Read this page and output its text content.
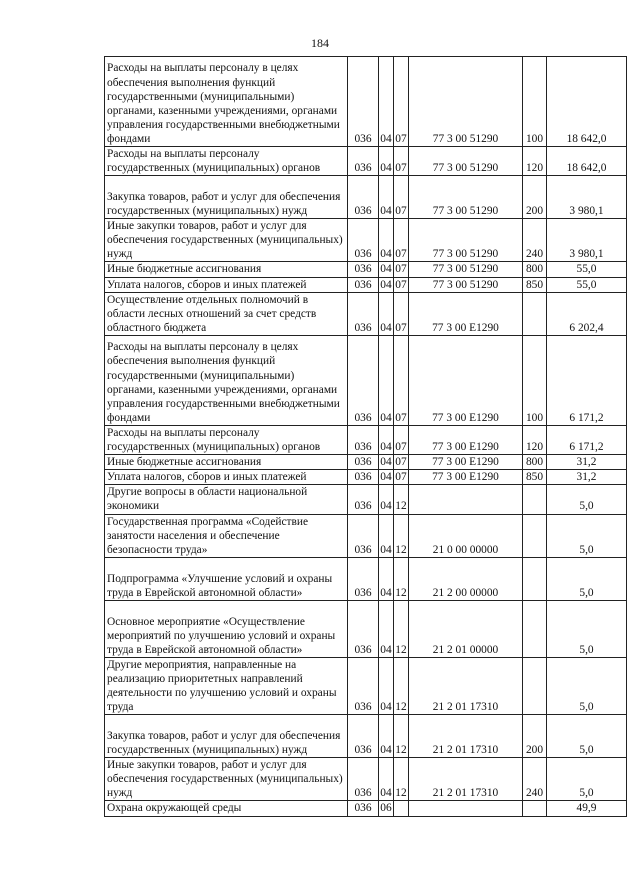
184
Расходы на выплаты персоналу в целях обеспечения выполнения функций государственными (муниципальными) органами, казенными учреждениями, органами управления государственными внебюджетными фондами	036	04	07	77 3 00 51290	100	18 642,0
Расходы на выплаты персоналу государственных (муниципальных) органов	036	04	07	77 3 00 51290	120	18 642,0
Закупка товаров, работ и услуг для обеспечения государственных (муниципальных) нужд	036	04	07	77 3 00 51290	200	3 980,1
Иные закупки товаров, работ и услуг для обеспечения государственных (муниципальных) нужд	036	04	07	77 3 00 51290	240	3 980,1
Иные бюджетные ассигнования	036	04	07	77 3 00 51290	800	55,0
Уплата налогов, сборов и иных платежей	036	04	07	77 3 00 51290	850	55,0
Осуществление отдельных полномочий в области лесных отношений за счет средств областного бюджета	036	04	07	77 3 00 E1290		6 202,4
Расходы на выплаты персоналу в целях обеспечения выполнения функций государственными (муниципальными) органами, казенными учреждениями, органами управления государственными внебюджетными фондами	036	04	07	77 3 00 E1290	100	6 171,2
Расходы на выплаты персоналу государственных (муниципальных) органов	036	04	07	77 3 00 E1290	120	6 171,2
Иные бюджетные ассигнования	036	04	07	77 3 00 E1290	800	31,2
Уплата налогов, сборов и иных платежей	036	04	07	77 3 00 E1290	850	31,2
Другие вопросы в области национальной экономики	036	04	12			5,0
Государственная программа «Содействие занятости населения и обеспечение безопасности труда»	036	04	12	21 0 00 00000		5,0
Подпрограмма «Улучшение условий и охраны труда в Еврейской автономной области»	036	04	12	21 2 00 00000		5,0
Основное мероприятие «Осуществление мероприятий по улучшению условий и охраны труда в Еврейской автономной области»	036	04	12	21 2 01 00000		5,0
Другие мероприятия, направленные на реализацию приоритетных направлений деятельности по улучшению условий и охраны труда	036	04	12	21 2 01 17310		5,0
Закупка товаров, работ и услуг для обеспечения государственных (муниципальных) нужд	036	04	12	21 2 01 17310	200	5,0
Иные закупки товаров, работ и услуг для обеспечения государственных (муниципальных) нужд	036	04	12	21 2 01 17310	240	5,0
Охрана окружающей среды	036	06				49,9
